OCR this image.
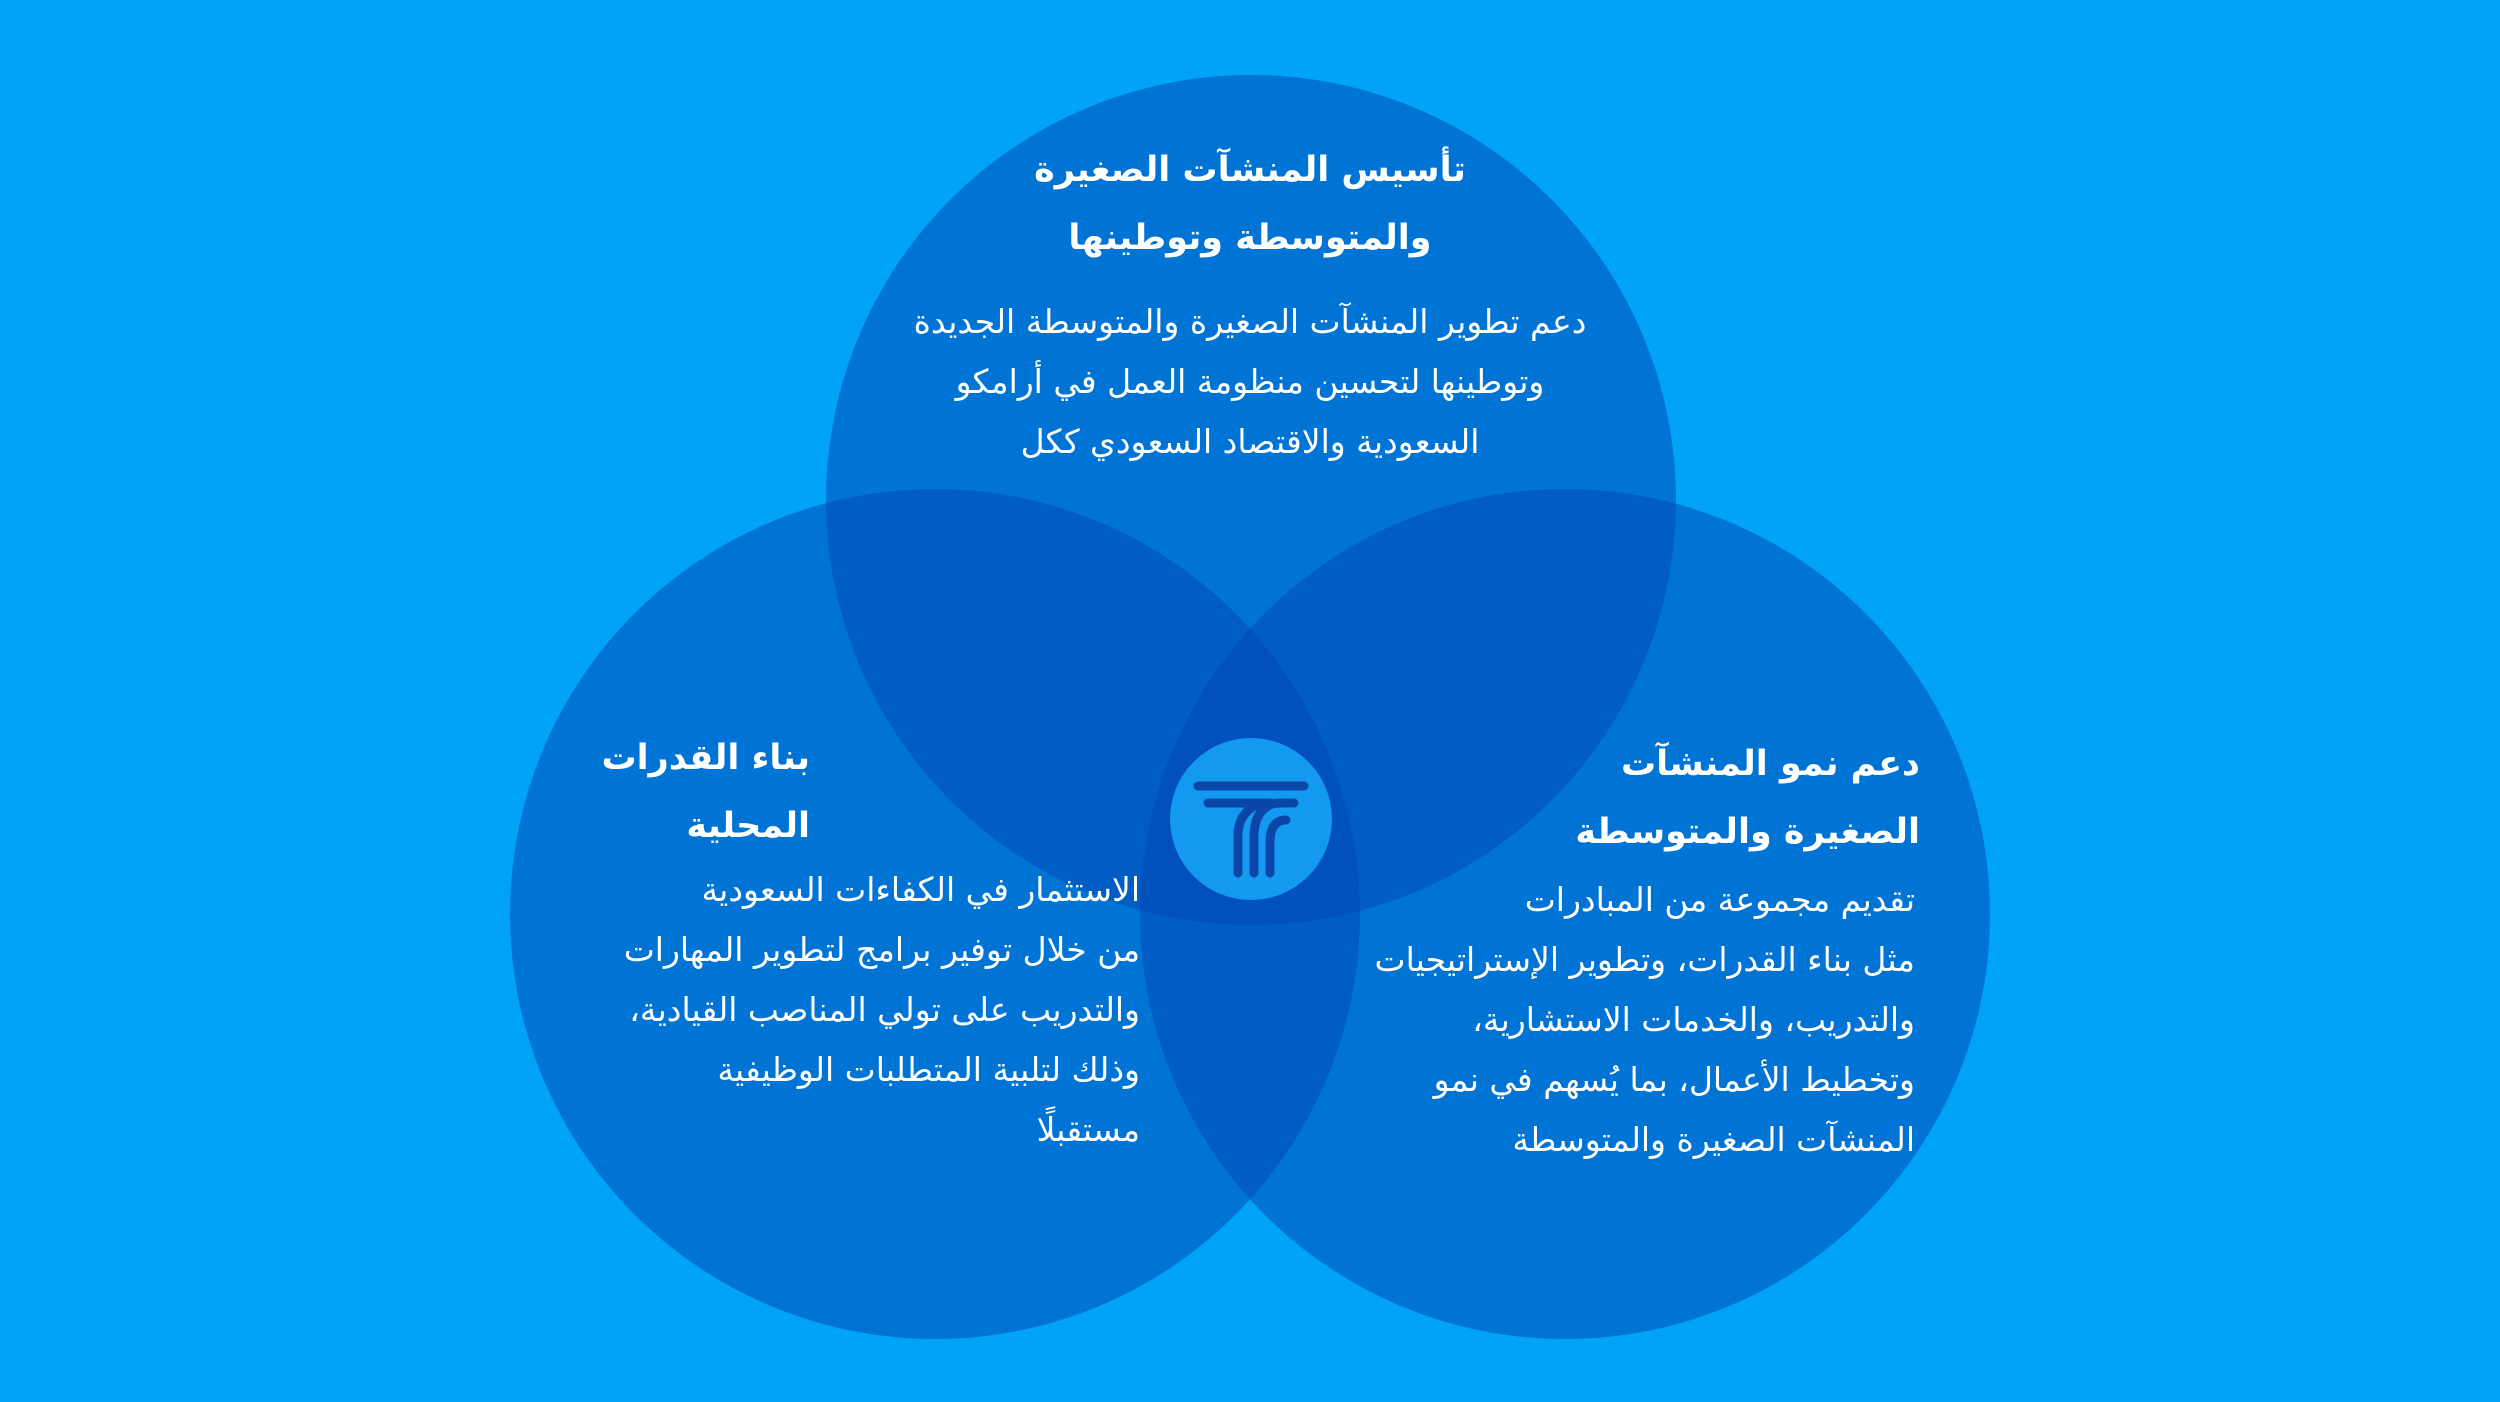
تأسيس المنشآت الصغيرة
والمتوسطة وتوطينها
دعم تطوير المنشآت الصغيرة والمتوسطة الجديدة
وتوطينها لتحسين منظومة العمل في أرامكو
السعودية والاقتصاد السعودي ككل
بناء القدرات
المحلية
الاستثمار في الكفاءات السعودية
من خلال توفير برامج لتطوير المهارات
والتدريب على تولي المناصب القيادية،
وذلك لتلبية المتطلبات الوظيفية
مستقبلًا
دعم نمو المنشآت
الصغيرة والمتوسطة
تقديم مجموعة من المبادرات
مثل بناء القدرات، وتطوير الإستراتيجيات
والتدريب، والخدمات الاستشارية،
وتخطيط الأعمال، بما يُسهم في نمو
المنشآت الصغيرة والمتوسطة
